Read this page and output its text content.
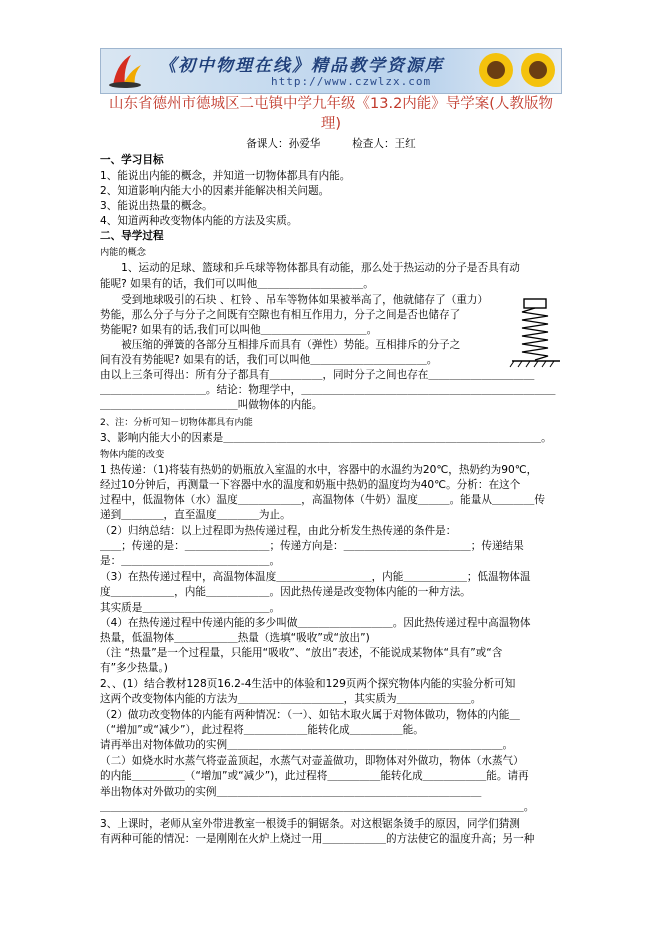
《初中物理在线》精品教学资源库
http://www.czwlzx.com
山东省德州市德城区二屯镇中学九年级《13.2内能》导学案(人教版物理)
备课人：孙爱华　　　检查人：王红
一、学习目标
1、能说出内能的概念，并知道一切物体都具有内能。
2、知道影响内能大小的因素并能解决相关问题。
3、能说出热量的概念。
4、知道两种改变物体内能的方法及实质。
二、导学过程
内能的概念
　　1、运动的足球、篮球和乒乓球等物体都具有动能，那么处于热运动的分子是否具有动
能呢? 如果有的话，我们可以叫他＿＿＿＿＿＿＿＿＿＿。
　　受到地球吸引的石块 、杠铃 、吊车等物体如果被举高了，他就储存了（重力）
势能，那么分子与分子之间既有空隙也有相互作用力，分子之间是否也储存了
势能呢? 如果有的话,我们可以叫他＿＿＿＿＿＿＿＿＿＿。
　　被压缩的弹簧的各部分互相排斥而具有（弹性）势能。互相排斥的分子之
间有没有势能呢? 如果有的话，我们可以叫他＿＿＿＿＿＿＿＿＿＿＿。
由以上三条可得出：所有分子都具有＿＿＿＿＿，同时分子之间也存在＿＿＿＿＿＿＿＿＿＿
＿＿＿＿＿＿＿＿＿＿。结论：物理学中，＿＿＿＿＿＿＿＿＿＿＿＿＿＿＿＿＿＿＿＿＿＿＿＿
＿＿＿＿＿＿＿＿＿＿＿＿＿叫做物体的内能。
2、注：分析可知－切物体都具有内能
3、影响内能大小的因素是＿＿＿＿＿＿＿＿＿＿＿＿＿＿＿＿＿＿＿＿＿＿＿＿＿＿＿＿＿＿。
物体内能的改变
1 热传递：（1)将装有热奶的奶瓶放入室温的水中，容器中的水温约为20℃，热奶约为90℃，
经过10分钟后，再测量一下容器中水的温度和奶瓶中热奶的温度均为40℃。分析：在这个
过程中，低温物体（水）温度＿＿＿＿＿＿，高温物体（牛奶）温度＿＿＿。能量从＿＿＿＿传
递到＿＿＿＿，直至温度＿＿＿＿为止。
（2）归纳总结：以上过程即为热传递过程，由此分析发生热传递的条件是：
＿＿；传递的是：＿＿＿＿＿＿＿＿；传递方向是：＿＿＿＿＿＿＿＿＿＿＿＿；传递结果
是：＿＿＿＿＿＿＿＿＿＿＿＿＿＿。
（3）在热传递过程中，高温物体温度＿＿＿＿＿＿＿＿＿，内能＿＿＿＿＿＿；低温物体温
度＿＿＿＿＿＿，内能＿＿＿＿＿＿。因此热传递是改变物体内能的一种方法。
其实质是＿＿＿＿＿＿＿＿＿＿＿＿。
（4）在热传递过程中传递内能的多少叫做＿＿＿＿＿＿＿＿＿。因此热传递过程中高温物体
热量，低温物体＿＿＿＿＿＿热量（选填“吸收”或“放出”)
（注 “热量”是一个过程量，只能用“吸收”、“放出”表述，不能说成某物体“具有”或“含
有”多少热量。)
2、、(1）结合教材128页16.2-4生活中的体验和129页两个探究物体内能的实验分析可知
这两个改变物体内能的方法为＿＿＿＿＿＿＿＿＿＿，其实质为＿＿＿＿＿＿＿。
（2）做功改变物体的内能有两种情况：（一）、如钻木取火属于对物体做功，物体的内能＿
（“增加”或“减少”），此过程将＿＿＿＿＿＿能转化成＿＿＿＿＿能。
请再举出对物体做功的实例＿＿＿＿＿＿＿＿＿＿＿＿＿＿＿＿＿＿＿＿＿＿＿＿＿＿。
（二）如烧水时水蒸气将壶盖顶起，水蒸气对壶盖做功，即物体对外做功，物体（水蒸气）
的内能＿＿＿＿＿（“增加”或“减少”)，此过程将＿＿＿＿＿能转化成＿＿＿＿＿＿能。请再
举出物体对外做功的实例＿＿＿＿＿＿＿＿＿＿＿＿＿＿＿＿＿＿＿＿＿＿＿＿＿
＿＿＿＿＿＿＿＿＿＿＿＿＿＿＿＿＿＿＿＿＿＿＿＿＿＿＿＿＿＿＿＿＿＿＿＿＿＿＿＿。
3、上课时，老师从室外带进教室一根烫手的铜锯条。对这根锯条烫手的原因，同学们猜测
有两种可能的情况：一是刚刚在火炉上烧过一用＿＿＿＿＿＿的方法使它的温度升高；另一种
